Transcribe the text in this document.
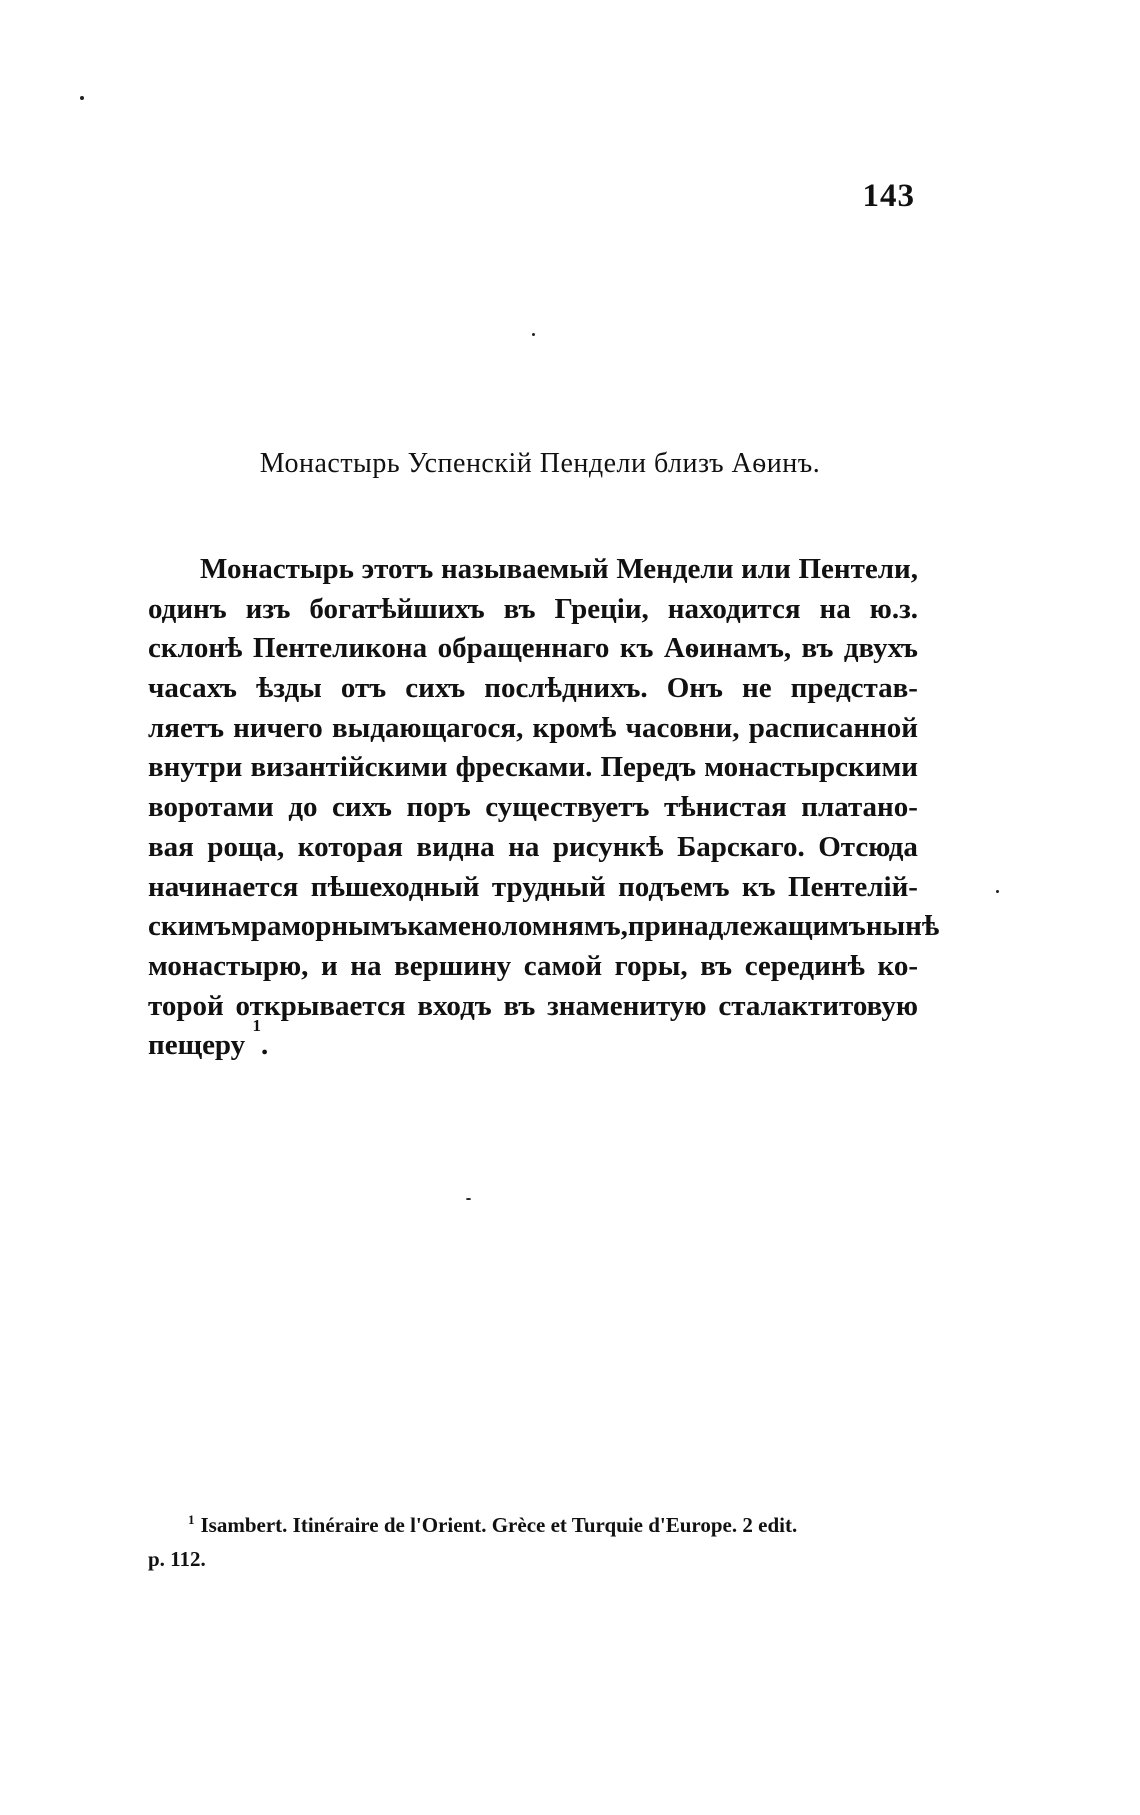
143
Монастырь Успенскій Пендели близъ Аѳинъ.
Монастырь этотъ называемый Мендели или Пентели,
одинъ изъ богатѣйшихъ въ Греціи, находится на ю.з.
склонѣ Пентеликона обращеннаго къ Аѳинамъ, въ двухъ
часахъ ѣзды отъ сихъ послѣднихъ. Онъ не представ-
ляетъ ничего выдающагося, кромѣ часовни, расписанной
внутри византійскими фресками. Передъ монастырскими
воротами до сихъ поръ существуетъ тѣнистая платано-
вая роща, которая видна на рисункѣ Барскаго. Отсюда
начинается пѣшеходный трудный подъемъ къ Пентелій-
скимъ мраморнымъ каменоломнямъ,принадлежащимъ нынѣ
монастырю, и на вершину самой горы, въ серединѣ ко-
торой открывается входъ въ знаменитую сталактитовую
пещеру

1
.
$^1$ Isambert. Itinéraire de l'Orient. Grèce et Turquie d'Europe. 2 edit.
p. 112.
